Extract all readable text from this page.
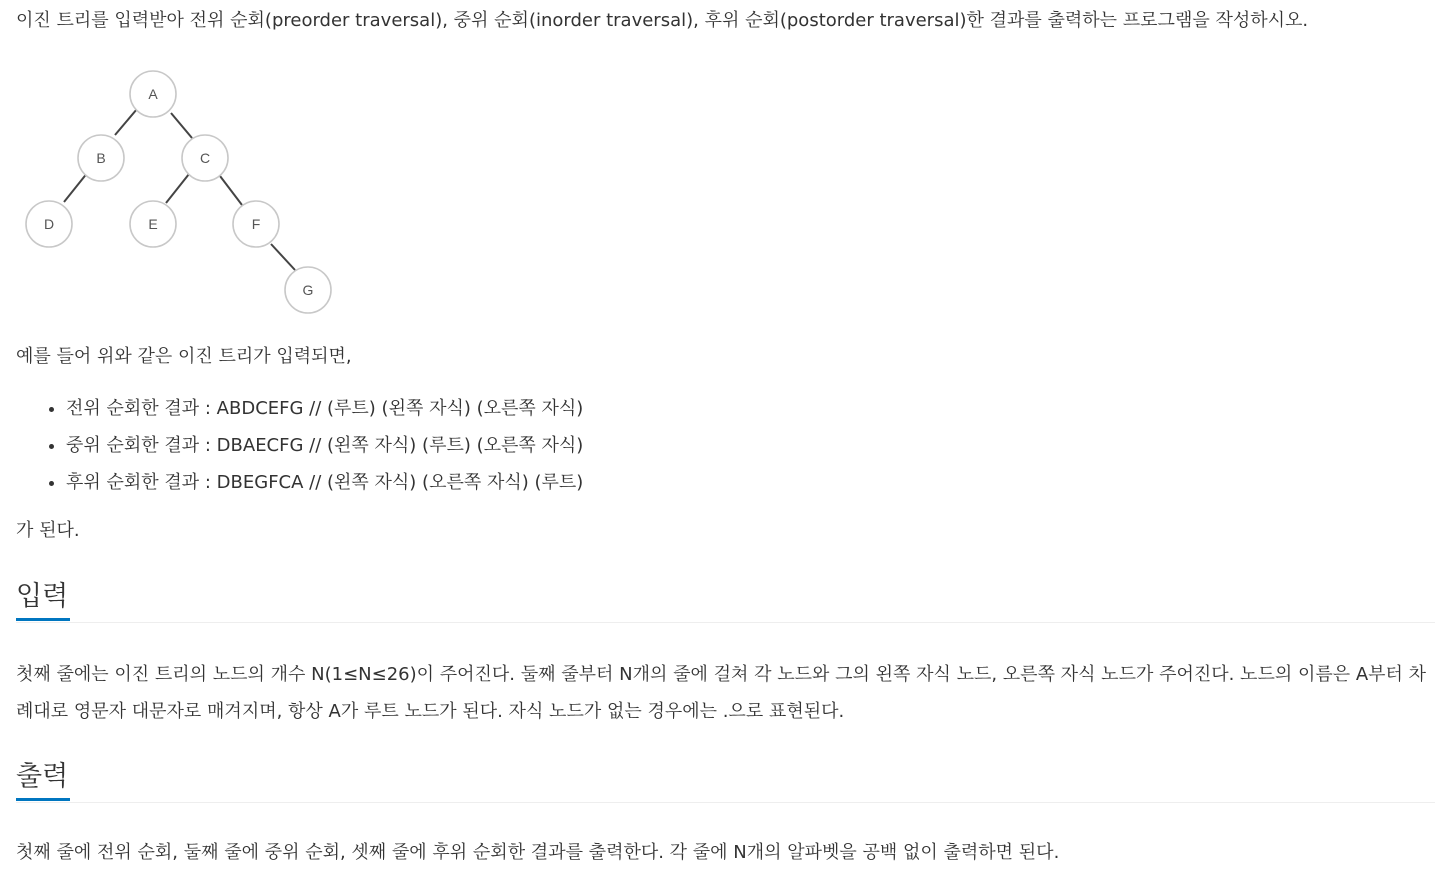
이진 트리를 입력받아 전위 순회(preorder traversal), 중위 순회(inorder traversal), 후위 순회(postorder traversal)한 결과를 출력하는 프로그램을 작성하시오.

A
B	C
D	E	F
G

예를 들어 위와 같은 이진 트리가 입력되면,

• 전위 순회한 결과 : ABDCEFG // (루트) (왼쪽 자식) (오른쪽 자식)
• 중위 순회한 결과 : DBAECFG // (왼쪽 자식) (루트) (오른쪽 자식)
• 후위 순회한 결과 : DBEGFCA // (왼쪽 자식) (오른쪽 자식) (루트)

가 된다.

입력

첫째 줄에는 이진 트리의 노드의 개수 N(1≤N≤26)이 주어진다. 둘째 줄부터 N개의 줄에 걸쳐 각 노드와 그의 왼쪽 자식 노드, 오른쪽 자식 노드가 주어진다. 노드의 이름은 A부터 차례대로 영문자 대문자로 매겨지며, 항상 A가 루트 노드가 된다. 자식 노드가 없는 경우에는 .으로 표현된다.

출력

첫째 줄에 전위 순회, 둘째 줄에 중위 순회, 셋째 줄에 후위 순회한 결과를 출력한다. 각 줄에 N개의 알파벳을 공백 없이 출력하면 된다.
